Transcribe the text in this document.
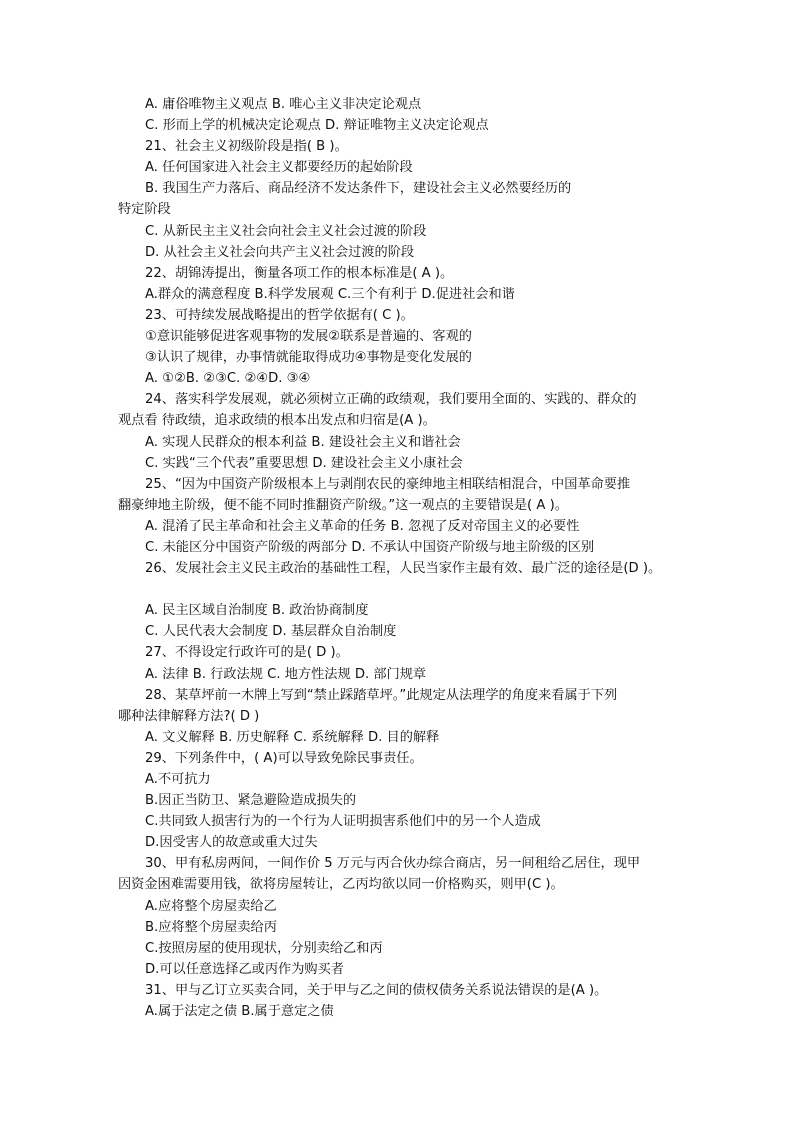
A. 庸俗唯物主义观点 B. 唯心主义非决定论观点
C. 形而上学的机械决定论观点 D. 辩证唯物主义决定论观点
21、社会主义初级阶段是指( B )。
A. 任何国家进入社会主义都要经历的起始阶段
B. 我国生产力落后、商品经济不发达条件下，建设社会主义必然要经历的
特定阶段
C. 从新民主主义社会向社会主义社会过渡的阶段
D. 从社会主义社会向共产主义社会过渡的阶段
22、胡锦涛提出，衡量各项工作的根本标准是( A )。
A.群众的满意程度 B.科学发展观 C.三个有利于 D.促进社会和谐
23、可持续发展战略提出的哲学依据有( C )。
①意识能够促进客观事物的发展②联系是普遍的、客观的
③认识了规律，办事情就能取得成功④事物是变化发展的
A. ①②B. ②③C. ②④D. ③④
24、落实科学发展观，就必须树立正确的政绩观，我们要用全面的、实践的、群众的
观点看 待政绩，追求政绩的根本出发点和归宿是(A )。
A. 实现人民群众的根本利益 B. 建设社会主义和谐社会
C. 实践“三个代表”重要思想 D. 建设社会主义小康社会
25、“因为中国资产阶级根本上与剥削农民的豪绅地主相联结相混合，中国革命要推
翻豪绅地主阶级，便不能不同时推翻资产阶级。”这一观点的主要错误是( A )。
A. 混淆了民主革命和社会主义革命的任务 B. 忽视了反对帝国主义的必要性
C. 未能区分中国资产阶级的两部分 D. 不承认中国资产阶级与地主阶级的区别
26、发展社会主义民主政治的基础性工程，人民当家作主最有效、最广泛的途径是(D )。
A. 民主区域自治制度 B. 政治协商制度
C. 人民代表大会制度 D. 基层群众自治制度
27、不得设定行政许可的是( D )。
A. 法律 B. 行政法规 C. 地方性法规 D. 部门规章
28、某草坪前一木牌上写到“禁止踩踏草坪。”此规定从法理学的角度来看属于下列
哪种法律解释方法?( D )
A. 文义解释 B. 历史解释 C. 系统解释 D. 目的解释
29、下列条件中，( A)可以导致免除民事责任。
A.不可抗力
B.因正当防卫、紧急避险造成损失的
C.共同致人损害行为的一个行为人证明损害系他们中的另一个人造成
D.因受害人的故意或重大过失
30、甲有私房两间，一间作价 5 万元与丙合伙办综合商店，另一间租给乙居住，现甲
因资金困难需要用钱，欲将房屋转让，乙丙均欲以同一价格购买，则甲(C )。
A.应将整个房屋卖给乙
B.应将整个房屋卖给丙
C.按照房屋的使用现状，分别卖给乙和丙
D.可以任意选择乙或丙作为购买者
31、甲与乙订立买卖合同，关于甲与乙之间的债权债务关系说法错误的是(A )。
A.属于法定之债 B.属于意定之债
